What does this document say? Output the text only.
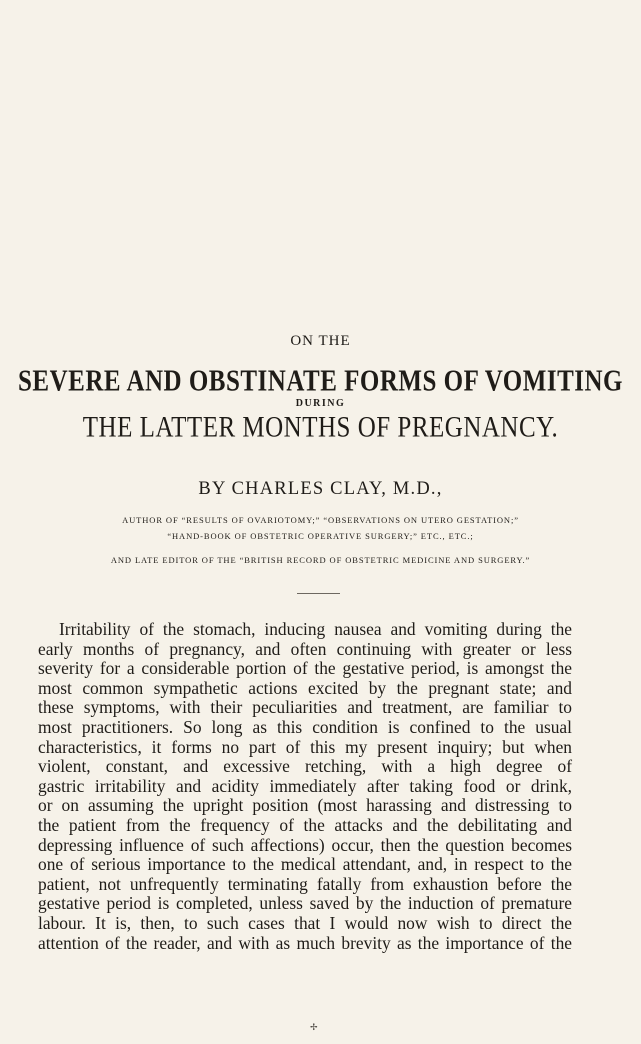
ON THE
SEVERE AND OBSTINATE FORMS OF VOMITING
DURING
THE LATTER MONTHS OF PREGNANCY.
BY CHARLES CLAY, M.D.,
AUTHOR OF “RESULTS OF OVARIOTOMY;” “OBSERVATIONS ON UTERO GESTATION;”
“HAND-BOOK OF OBSTETRIC OPERATIVE SURGERY;” ETC., ETC.;
AND LATE EDITOR OF THE “BRITISH RECORD OF OBSTETRIC MEDICINE AND SURGERY.”
Irritability of the stomach, inducing nausea and vomiting during the
early months of pregnancy, and often continuing with greater or less
severity for a considerable portion of the gestative period, is amongst the
most common sympathetic actions excited by the pregnant state; and
these symptoms, with their peculiarities and treatment, are familiar to
most practitioners. So long as this condition is confined to the usual
characteristics, it forms no part of this my present inquiry; but when
violent, constant, and excessive retching, with a high degree of
gastric irritability and acidity immediately after taking food or drink,
or on assuming the upright position (most harassing and distressing to
the patient from the frequency of the attacks and the debilitating and
depressing influence of such affections) occur, then the question becomes
one of serious importance to the medical attendant, and, in respect to the
patient, not unfrequently terminating fatally from exhaustion before the
gestative period is completed, unless saved by the induction of premature
labour. It is, then, to such cases that I would now wish to direct the
attention of the reader, and with as much brevity as the importance of the
✢
